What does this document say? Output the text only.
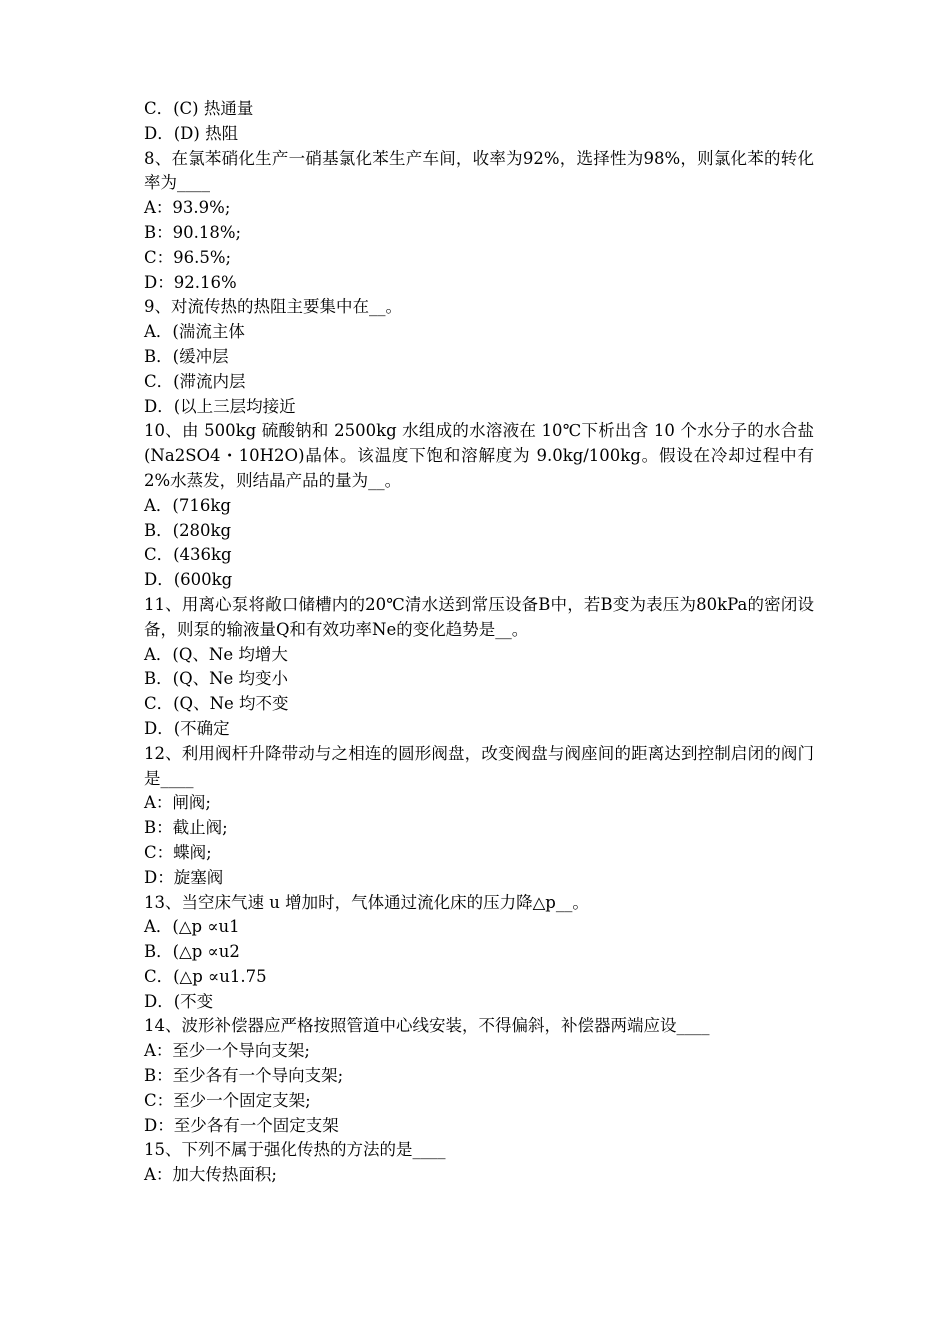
C．(C) 热通量

D．(D) 热阻

8、在氯苯硝化生产一硝基氯化苯生产车间，收率为92%，选择性为98%，则氯化苯的转化率为____

A：93.9%;

B：90.18%;

C：96.5%;

D：92.16%

9、对流传热的热阻主要集中在__。

A．(湍流主体

B．(缓冲层

C．(滞流内层

D．(以上三层均接近

10、由 500kg 硫酸钠和 2500kg 水组成的水溶液在 10℃下析出含 10 个水分子的水合盐(Na2SO4・10H2O)晶体。该温度下饱和溶解度为 9.0kg/100kg。假设在冷却过程中有 2%水蒸发，则结晶产品的量为__。

A．(716kg

B．(280kg

C．(436kg

D．(600kg

11、用离心泵将敞口储槽内的20℃清水送到常压设备B中，若B变为表压为80kPa的密闭设备，则泵的输液量Q和有效功率Ne的变化趋势是__。

A．(Q、Ne 均增大

B．(Q、Ne 均变小

C．(Q、Ne 均不变

D．(不确定

12、利用阀杆升降带动与之相连的圆形阀盘，改变阀盘与阀座间的距离达到控制启闭的阀门是____

A：闸阀;

B：截止阀;

C：蝶阀;

D：旋塞阀

13、当空床气速 u 增加时，气体通过流化床的压力降△p__。

A．(△p ∝u1

B．(△p ∝u2

C．(△p ∝u1.75

D．(不变

14、波形补偿器应严格按照管道中心线安装，不得偏斜，补偿器两端应设____

A：至少一个导向支架;

B：至少各有一个导向支架;

C：至少一个固定支架;

D：至少各有一个固定支架

15、下列不属于强化传热的方法的是____

A：加大传热面积;
